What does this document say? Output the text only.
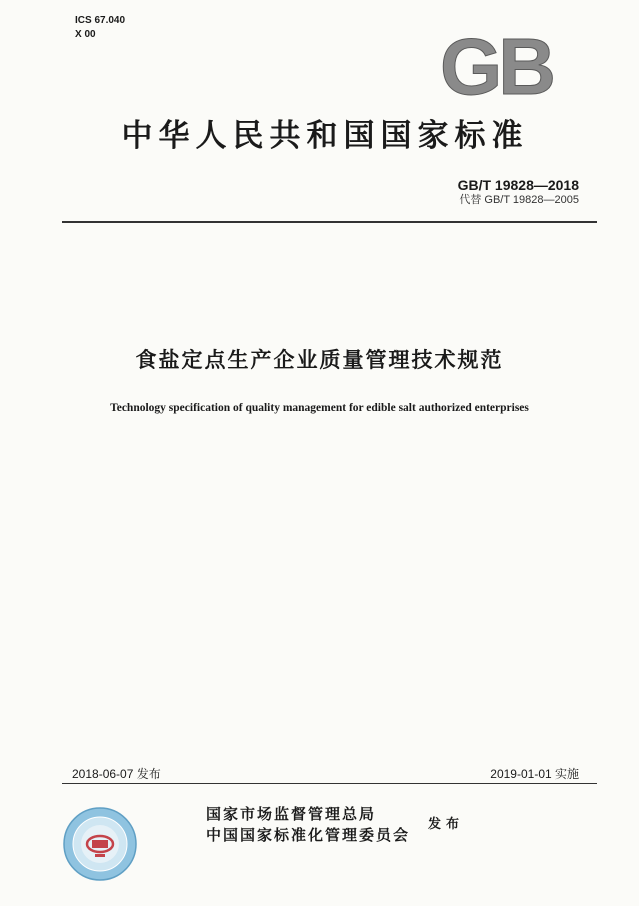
ICS 67.040
X 00	GB
中华人民共和国国家标准
GB/T 19828—2018
代替 GB/T 19828—2005
食盐定点生产企业质量管理技术规范
Technology specification of quality management for edible salt authorized enterprises
2018-06-07 发布	2019-01-01 实施
国家市场监督管理总局
中国国家标准化管理委员会
发布
